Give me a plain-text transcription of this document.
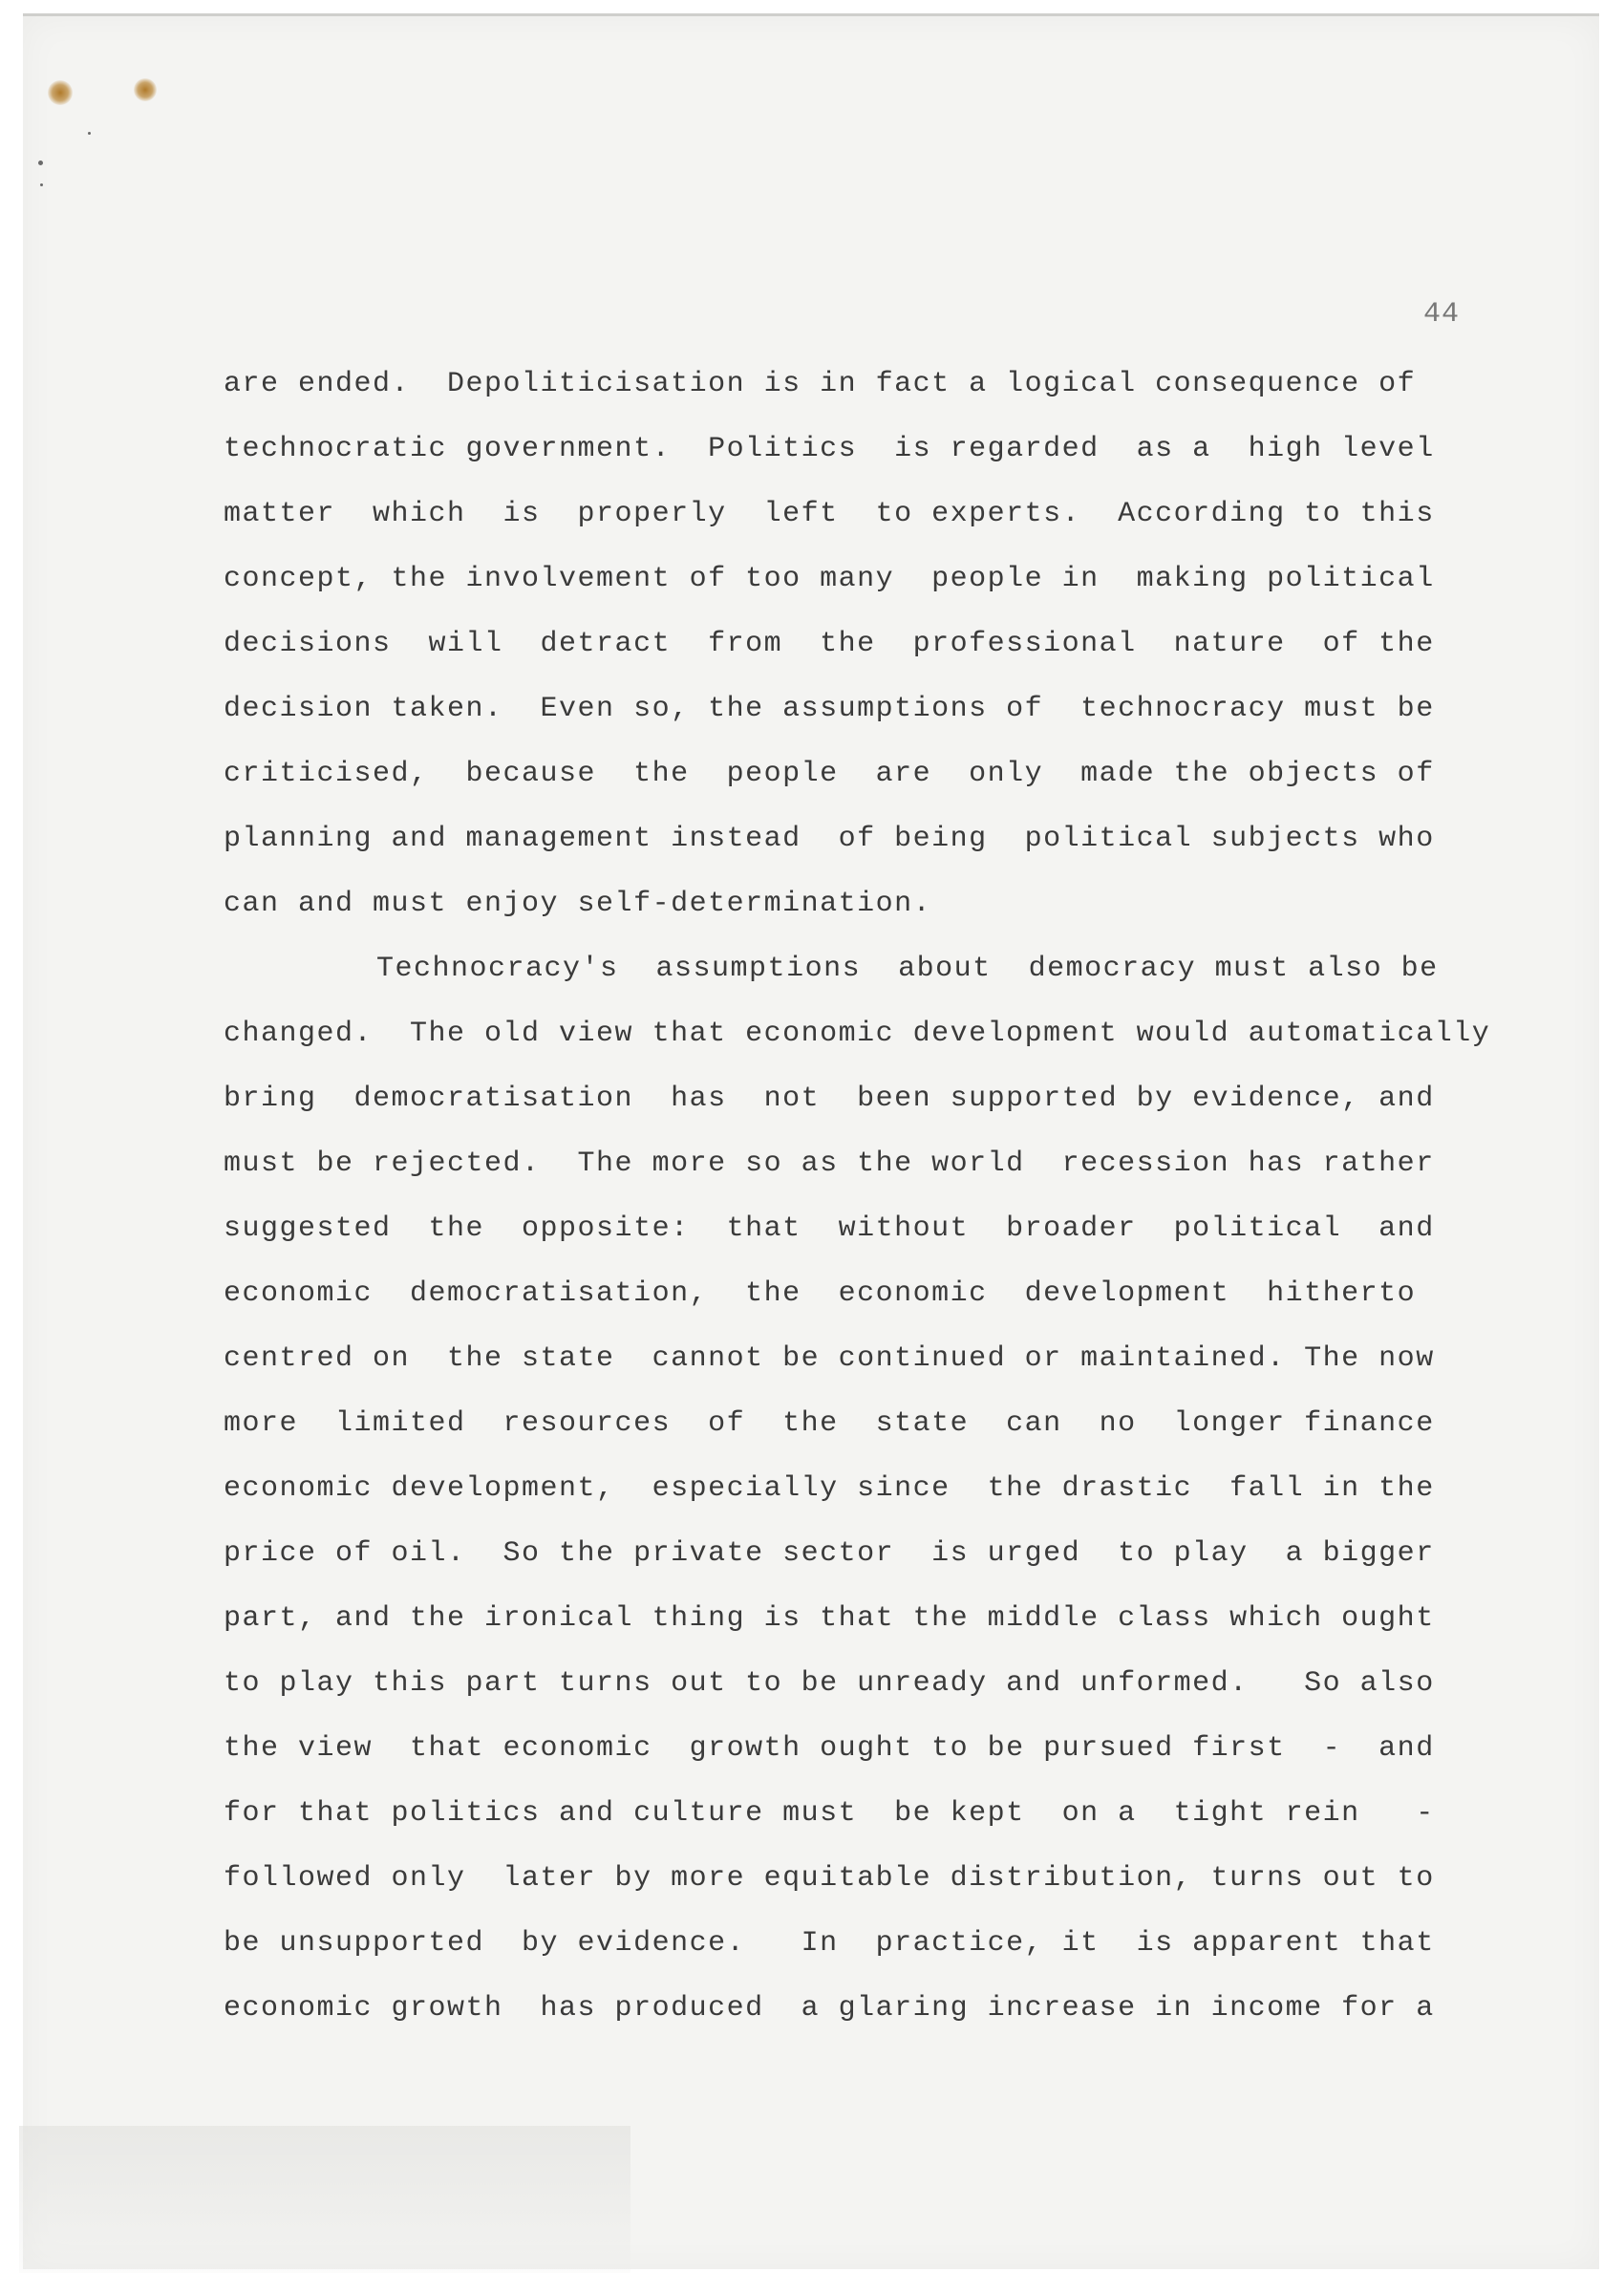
44

are ended.  Depoliticisation is in fact a logical consequence of
technocratic government.  Politics  is regarded  as a  high level
matter  which  is  properly  left  to experts.  According to this
concept, the involvement of too many  people in  making political
decisions  will  detract  from  the  professional  nature  of the
decision taken.  Even so, the assumptions of  technocracy must be
criticised,  because  the  people  are  only  made the objects of
planning and management instead  of being  political subjects who
can and must enjoy self-determination.
Technocracy's  assumptions  about  democracy must also be
changed.  The old view that economic development would automatically
bring  democratisation  has  not  been supported by evidence, and
must be rejected.  The more so as the world  recession has rather
suggested  the  opposite:  that  without  broader  political  and
economic  democratisation,  the  economic  development  hitherto
centred on  the state  cannot be continued or maintained. The now
more  limited  resources  of  the  state  can  no  longer finance
economic development,  especially since  the drastic  fall in the
price of oil.  So the private sector  is urged  to play  a bigger
part, and the ironical thing is that the middle class which ought
to play this part turns out to be unready and unformed.   So also
the view  that economic  growth ought to be pursued first  -  and
for that politics and culture must  be kept  on a  tight rein   -
followed only  later by more equitable distribution, turns out to
be unsupported  by evidence.   In  practice, it  is apparent that
economic growth  has produced  a glaring increase in income for a
